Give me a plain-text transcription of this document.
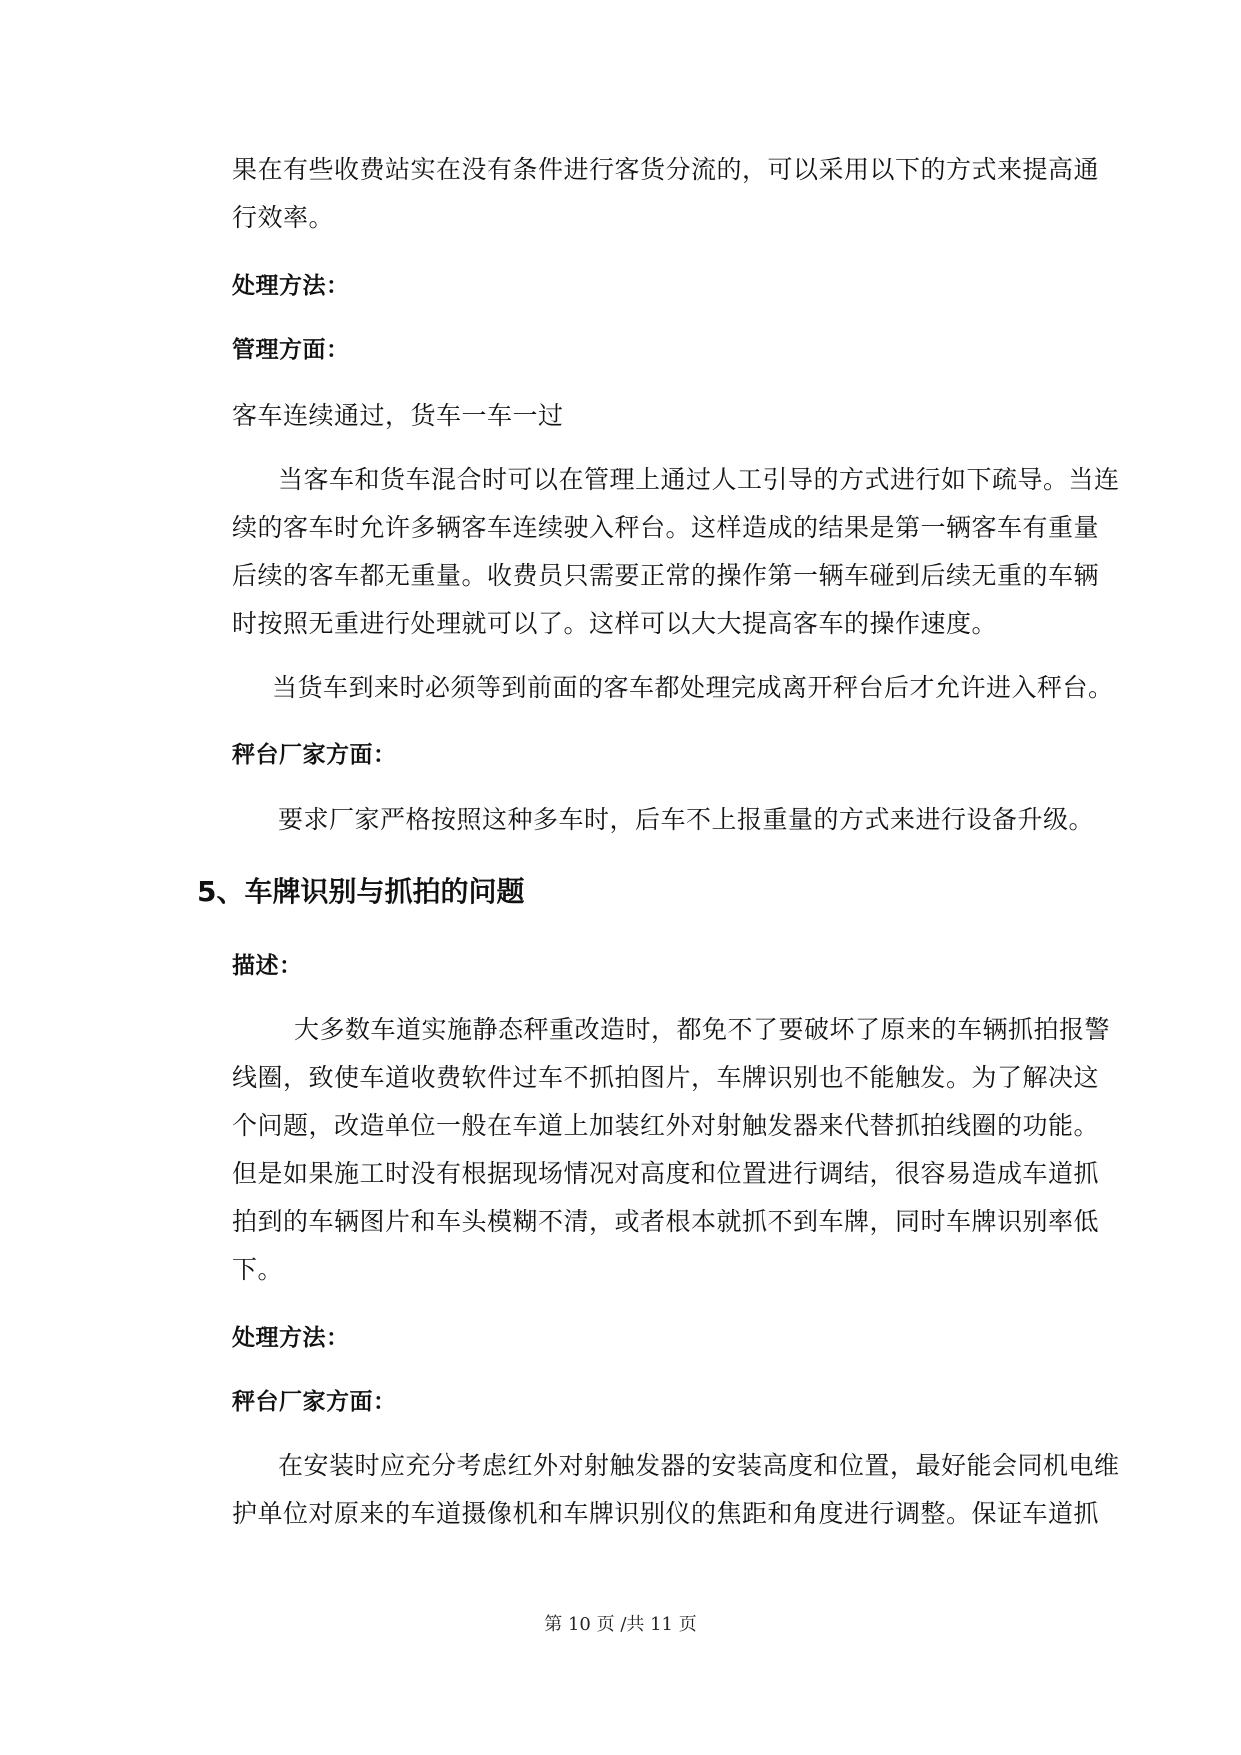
果在有些收费站实在没有条件进行客货分流的，可以采用以下的方式来提高通
行效率。
处理方法：
管理方面：
客车连续通过，货车一车一过
当客车和货车混合时可以在管理上通过人工引导的方式进行如下疏导。当连
续的客车时允许多辆客车连续驶入秤台。这样造成的结果是第一辆客车有重量
后续的客车都无重量。收费员只需要正常的操作第一辆车碰到后续无重的车辆
时按照无重进行处理就可以了。这样可以大大提高客车的操作速度。
当货车到来时必须等到前面的客车都处理完成离开秤台后才允许进入秤台。
秤台厂家方面：
要求厂家严格按照这种多车时，后车不上报重量的方式来进行设备升级。
5、车牌识别与抓拍的问题
描述：
大多数车道实施静态秤重改造时，都免不了要破坏了原来的车辆抓拍报警
线圈，致使车道收费软件过车不抓拍图片，车牌识别也不能触发。为了解决这
个问题，改造单位一般在车道上加装红外对射触发器来代替抓拍线圈的功能。
但是如果施工时没有根据现场情况对高度和位置进行调结，很容易造成车道抓
拍到的车辆图片和车头模糊不清，或者根本就抓不到车牌，同时车牌识别率低
下。
处理方法：
秤台厂家方面：
在安装时应充分考虑红外对射触发器的安装高度和位置，最好能会同机电维
护单位对原来的车道摄像机和车牌识别仪的焦距和角度进行调整。保证车道抓
第 10 页 /共 11 页
